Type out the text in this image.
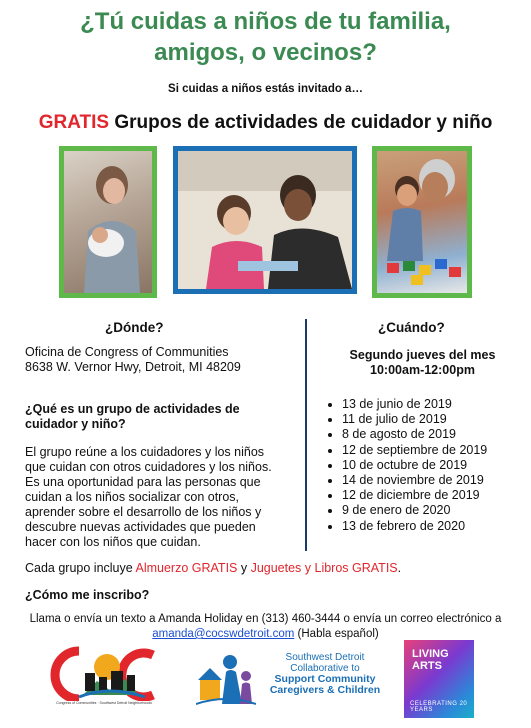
¿Tú cuidas a niños de tu familia,
amigos, o vecinos?
Si cuidas a niños estás invitado a…
GRATIS Grupos de actividades de cuidador y niño
¿Dónde?
Oficina de Congress of Communities
8638 W. Vernor Hwy, Detroit, MI 48209
¿Qué es un grupo de actividades de
cuidador y niño?
El grupo reúne a los cuidadores y los niños
que cuidan con otros cuidadores y los niños.
Es una oportunidad para las personas que
cuidan a los niños socializar con otros,
aprender sobre el desarrollo de los niños y
descubre nuevas actividades que pueden
hacer con los niños que cuidan.
¿Cuándo?
Segundo jueves del mes
10:00am-12:00pm
• 13 de junio de 2019
• 11 de julio de 2019
• 8 de agosto de 2019
• 12 de septiembre de 2019
• 10 de octubre de 2019
• 14 de noviembre de 2019
• 12 de diciembre de 2019
• 9 de enero de 2020
• 13 de febrero de 2020
Cada grupo incluye Almuerzo GRATIS y Juguetes y Libros GRATIS.
¿Cómo me inscribo?
Llama o envía un texto a Amanda Holiday en (313) 460-3444 o envía un correo electrónico a
amanda@cocswdetroit.com (Habla español)
Congress of Communities · Southwest Detroit Neighborhoods
Southwest Detroit
Collaborative to
Support Community
Caregivers & Children
LIVING
ARTS
CELEBRATING 20 YEARS
